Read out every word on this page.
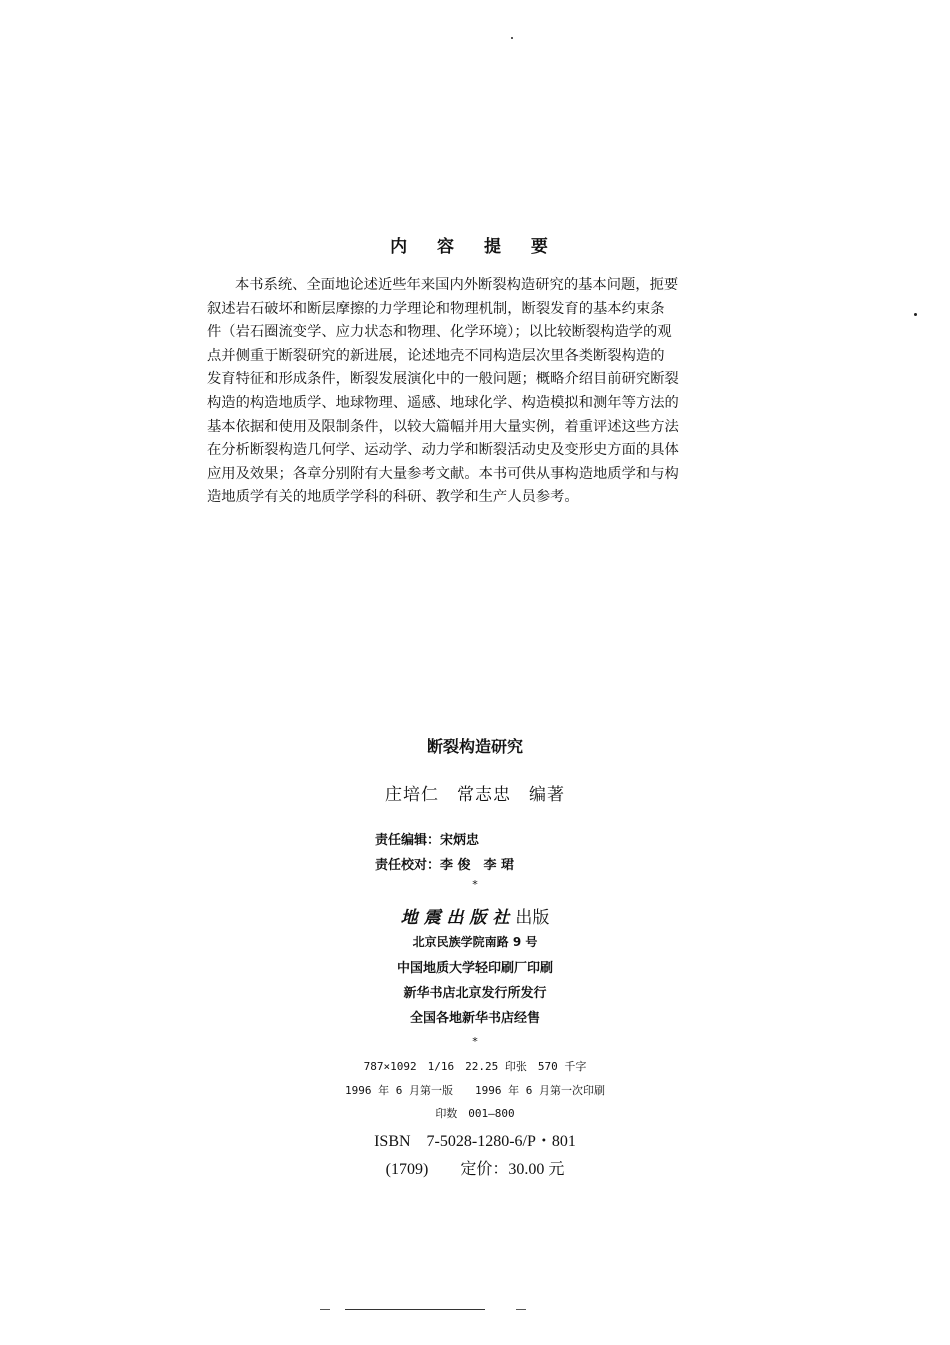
内 容 提 要
本书系统、全面地论述近些年来国内外断裂构造研究的基本问题，扼要
叙述岩石破坏和断层摩擦的力学理论和物理机制，断裂发育的基本约束条
件（岩石圈流变学、应力状态和物理、化学环境）；以比较断裂构造学的观
点并侧重于断裂研究的新进展，论述地壳不同构造层次里各类断裂构造的
发育特征和形成条件，断裂发展演化中的一般问题；概略介绍目前研究断裂
构造的构造地质学、地球物理、遥感、地球化学、构造模拟和测年等方法的
基本依据和使用及限制条件，以较大篇幅并用大量实例，着重评述这些方法
在分析断裂构造几何学、运动学、动力学和断裂活动史及变形史方面的具体
应用及效果；各章分别附有大量参考文献。本书可供从事构造地质学和与构
造地质学有关的地质学学科的科研、教学和生产人员参考。
断裂构造研究
庄培仁　常志忠　编著
责任编辑：宋炳忠
责任校对：李 俊　李 珺
*
地 震 出 版 社 出版
北京民族学院南路 9 号
中国地质大学轻印刷厂印刷
新华书店北京发行所发行
全国各地新华书店经售
*
787×1092　1/16　22.25 印张　570 千字
1996 年 6 月第一版　　1996 年 6 月第一次印刷
印数　001—800
ISBN　7-5028-1280-6/P・801
(1709)　　定价：30.00 元
